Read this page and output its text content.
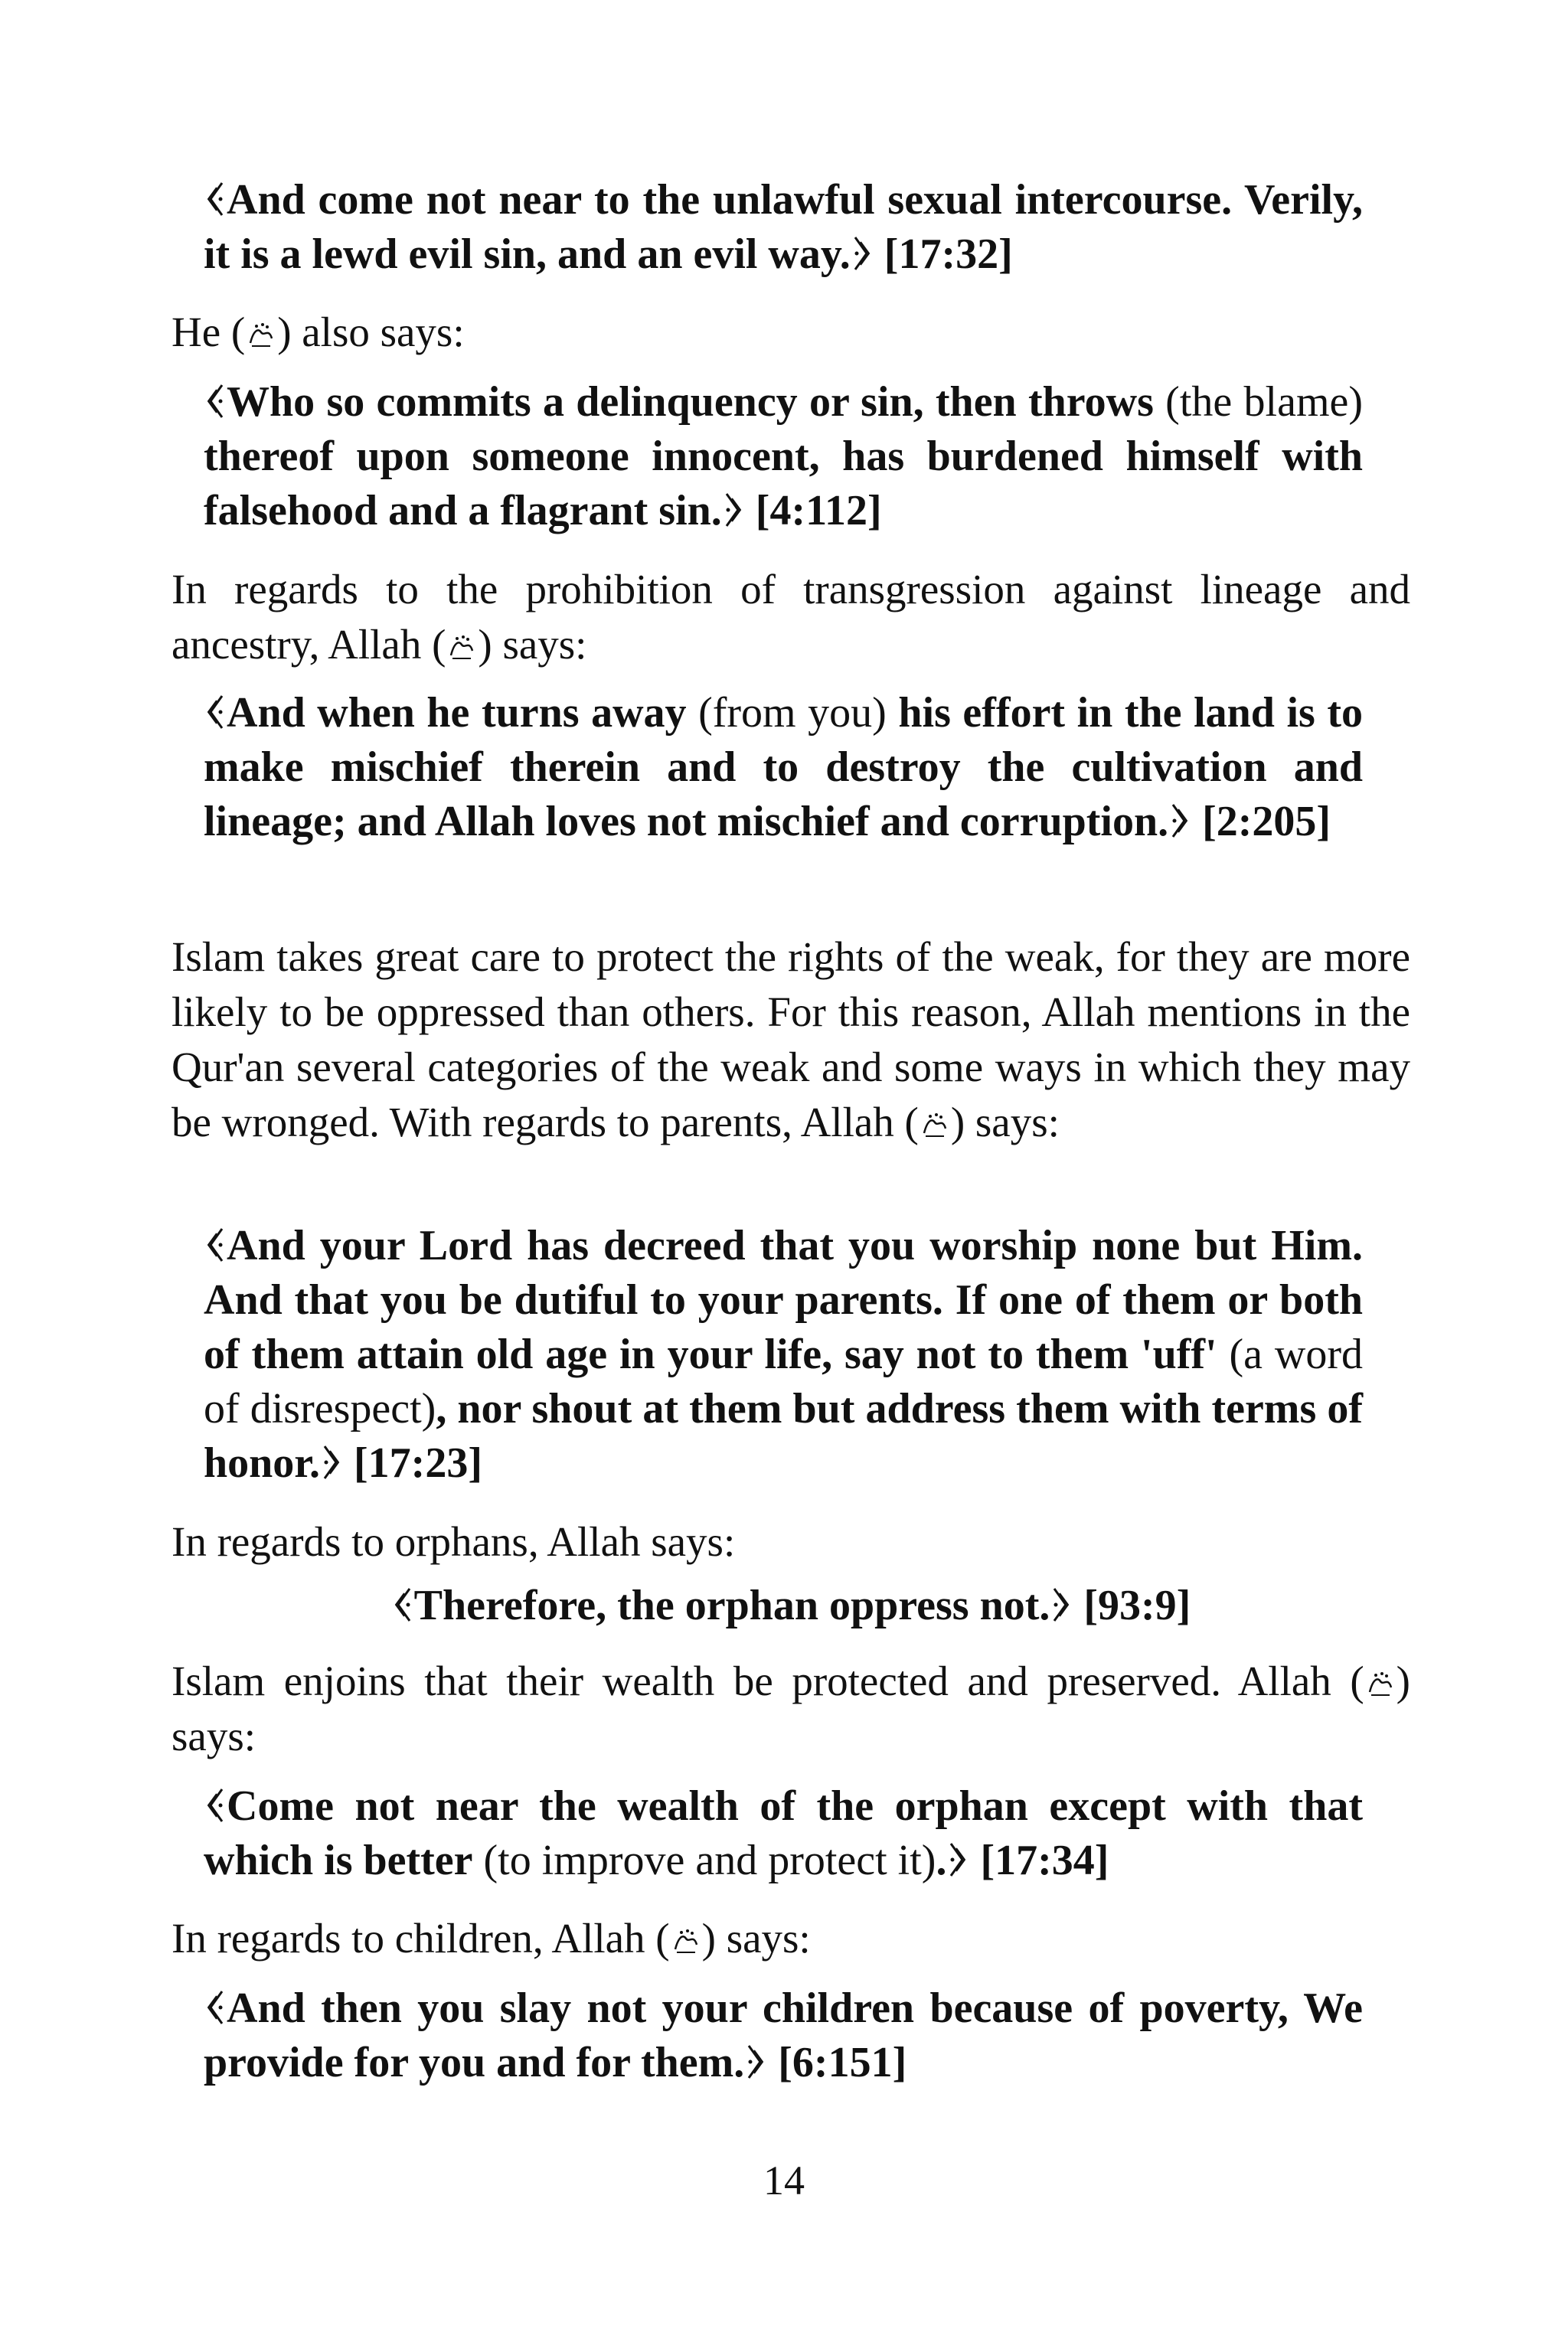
And come not near to the unlawful sexual intercourse. Verily, it is a lewd evil sin, and an evil way. [17:32]

He ( ) also says:

Who so commits a delinquency or sin, then throws (the blame) thereof upon someone innocent, has burdened himself with falsehood and a flagrant sin. [4:112]

In regards to the prohibition of transgression against lineage and ancestry, Allah ( ) says:

And when he turns away (from you) his effort in the land is to make mischief therein and to destroy the cultivation and lineage; and Allah loves not mischief and corruption. [2:205]

Islam takes great care to protect the rights of the weak, for they are more likely to be oppressed than others. For this reason, Allah mentions in the Qur'an several categories of the weak and some ways in which they may be wronged. With regards to parents, Allah ( ) says:

And your Lord has decreed that you worship none but Him. And that you be dutiful to your parents. If one of them or both of them attain old age in your life, say not to them 'uff' (a word of disrespect), nor shout at them but address them with terms of honor. [17:23]

In regards to orphans, Allah says:

Therefore, the orphan oppress not. [93:9]

Islam enjoins that their wealth be protected and preserved. Allah ( ) says:

Come not near the wealth of the orphan except with that which is better (to improve and protect it). [17:34]

In regards to children, Allah ( ) says:

And then you slay not your children because of poverty, We provide for you and for them. [6:151]

14
